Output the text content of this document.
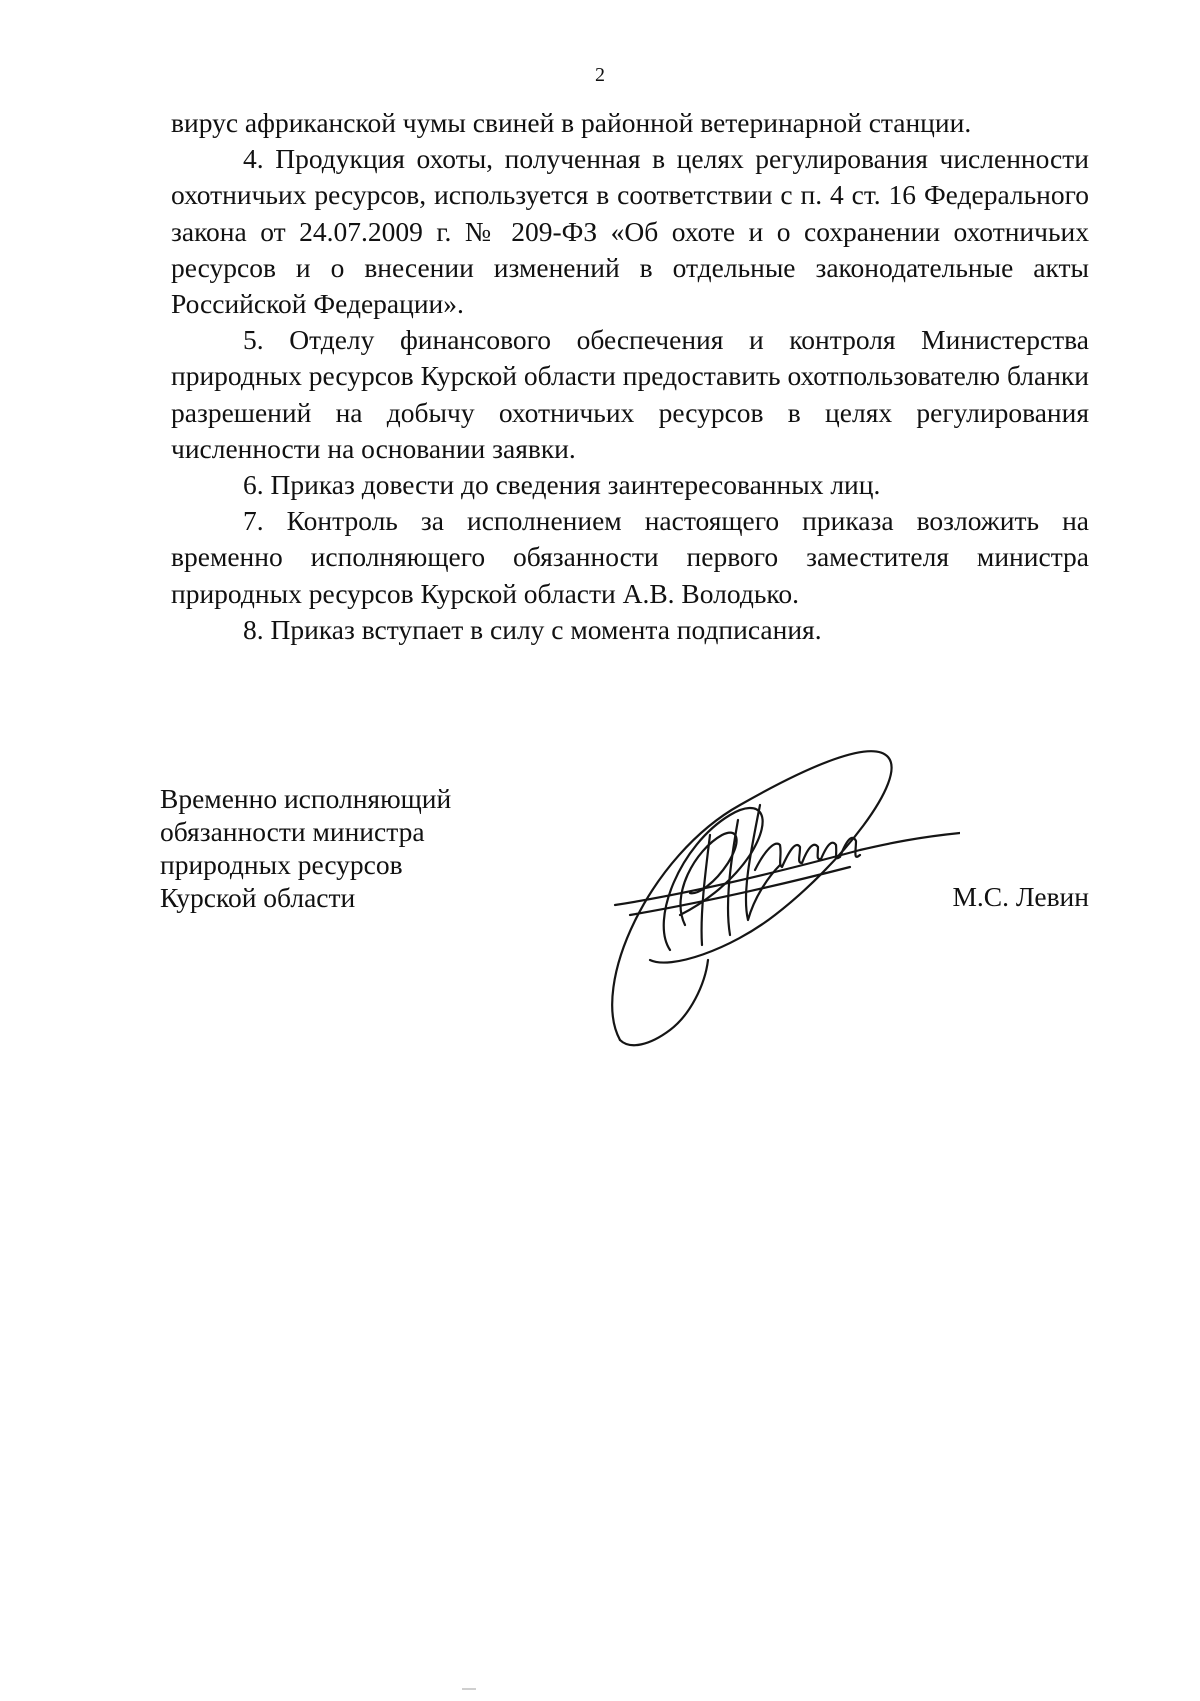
2

вирус африканской чумы свиней в районной ветеринарной станции.

4. Продукция охоты, полученная в целях регулирования численности охотничьих ресурсов, используется в соответствии с п. 4 ст. 16 Федерального закона от 24.07.2009 г. № 209-ФЗ «Об охоте и о сохранении охотничьих ресурсов и о внесении изменений в отдельные законодательные акты Российской Федерации».

5. Отделу финансового обеспечения и контроля Министерства природных ресурсов Курской области предоставить охотпользователю бланки разрешений на добычу охотничьих ресурсов в целях регулирования численности на основании заявки.

6. Приказ довести до сведения заинтересованных лиц.

7. Контроль за исполнением настоящего приказа возложить на временно исполняющего обязанности первого заместителя министра природных ресурсов Курской области А.В. Володько.

8. Приказ вступает в силу с момента подписания.

Временно исполняющий
обязанности министра
природных ресурсов
Курской области	М.С. Левин
